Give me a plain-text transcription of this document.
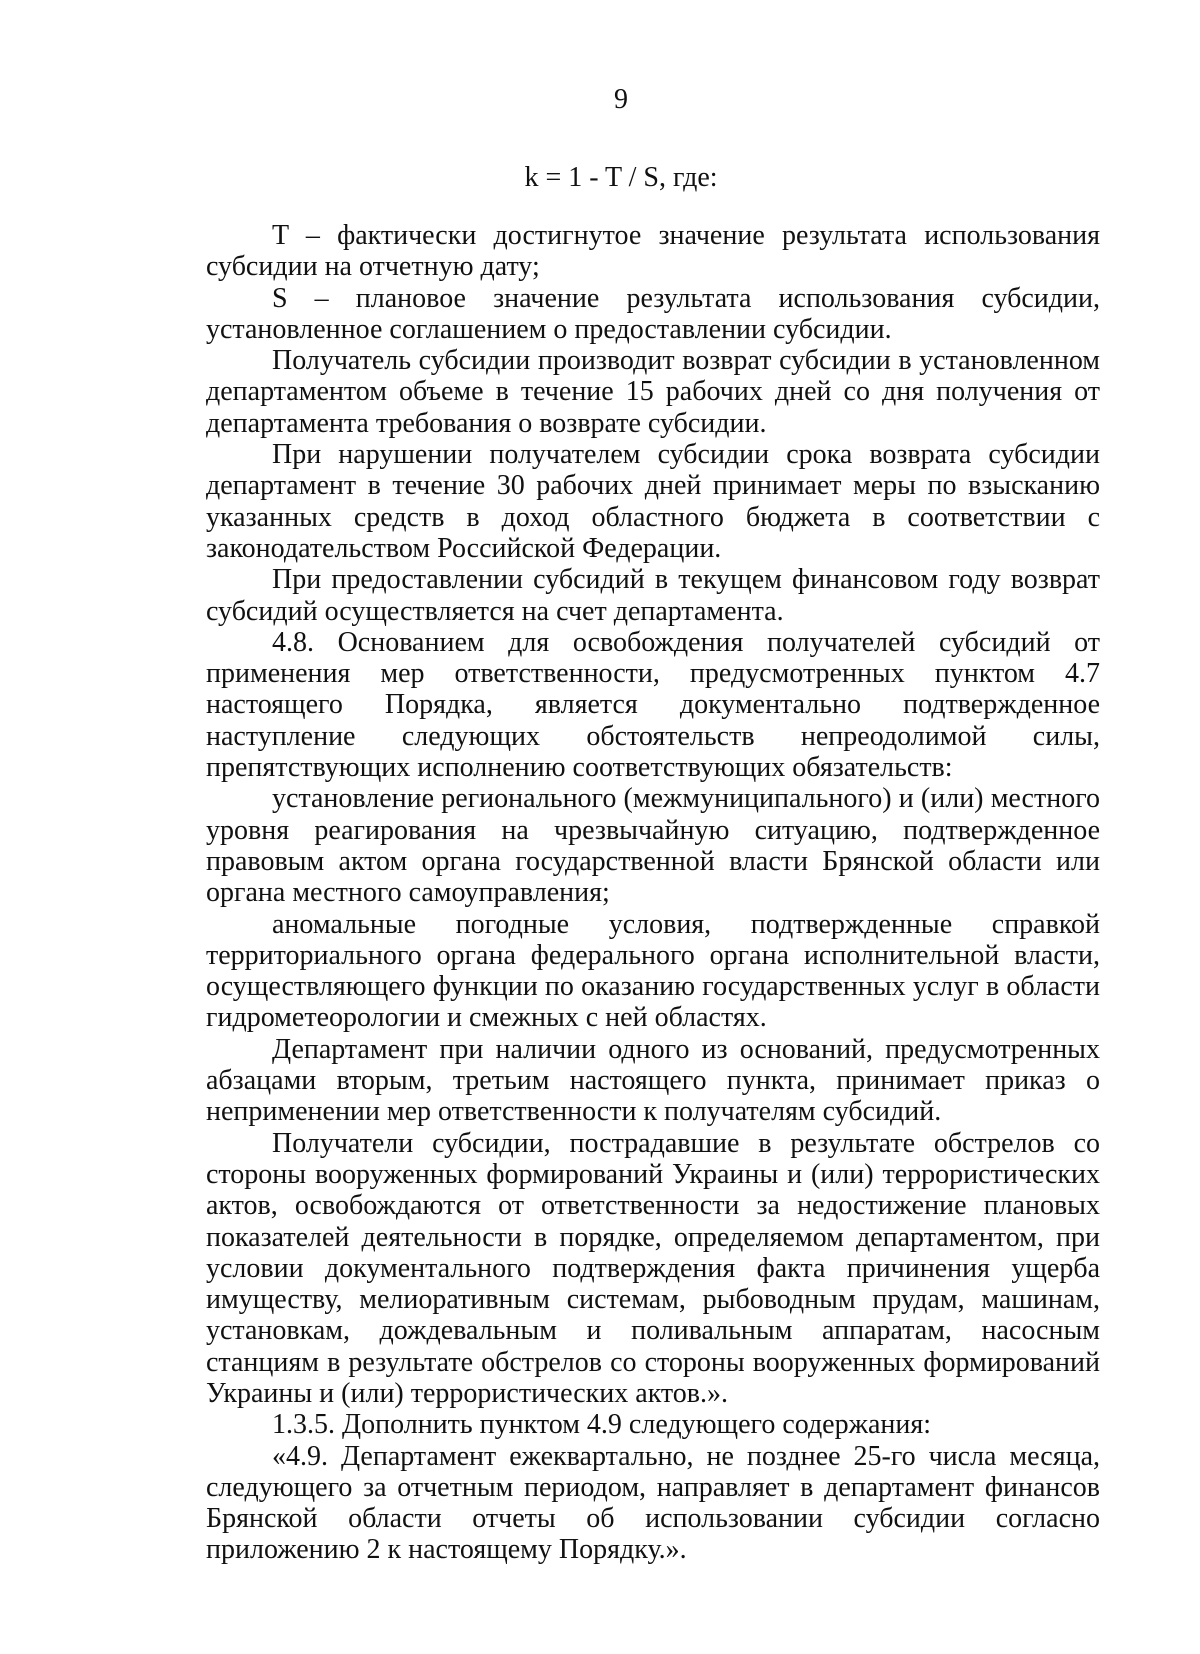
9
k = 1 - T / S, где:

T – фактически достигнутое значение результата использования субсидии на отчетную дату;

S – плановое значение результата использования субсидии, установленное соглашением о предоставлении субсидии.

Получатель субсидии производит возврат субсидии в установленном департаментом объеме в течение 15 рабочих дней со дня получения от департамента требования о возврате субсидии.

При нарушении получателем субсидии срока возврата субсидии департамент в течение 30 рабочих дней принимает меры по взысканию указанных средств в доход областного бюджета в соответствии с законодательством Российской Федерации.

При предоставлении субсидий в текущем финансовом году возврат субсидий осуществляется на счет департамента.

4.8. Основанием для освобождения получателей субсидий от применения мер ответственности, предусмотренных пунктом 4.7 настоящего Порядка, является документально подтвержденное наступление следующих обстоятельств непреодолимой силы, препятствующих исполнению соответствующих обязательств:

установление регионального (межмуниципального) и (или) местного уровня реагирования на чрезвычайную ситуацию, подтвержденное правовым актом органа государственной власти Брянской области или органа местного самоуправления;

аномальные погодные условия, подтвержденные справкой территориального органа федерального органа исполнительной власти, осуществляющего функции по оказанию государственных услуг в области гидрометеорологии и смежных с ней областях.

Департамент при наличии одного из оснований, предусмотренных абзацами вторым, третьим настоящего пункта, принимает приказ о неприменении мер ответственности к получателям субсидий.

Получатели субсидии, пострадавшие в результате обстрелов со стороны вооруженных формирований Украины и (или) террористических актов, освобождаются от ответственности за недостижение плановых показателей деятельности в порядке, определяемом департаментом, при условии документального подтверждения факта причинения ущерба имуществу, мелиоративным системам, рыбоводным прудам, машинам, установкам, дождевальным и поливальным аппаратам, насосным станциям в результате обстрелов со стороны вооруженных формирований Украины и (или) террористических актов.».

1.3.5. Дополнить пунктом 4.9 следующего содержания:

«4.9. Департамент ежеквартально, не позднее 25-го числа месяца, следующего за отчетным периодом, направляет в департамент финансов Брянской области отчеты об использовании субсидии согласно приложению 2 к настоящему Порядку.».
